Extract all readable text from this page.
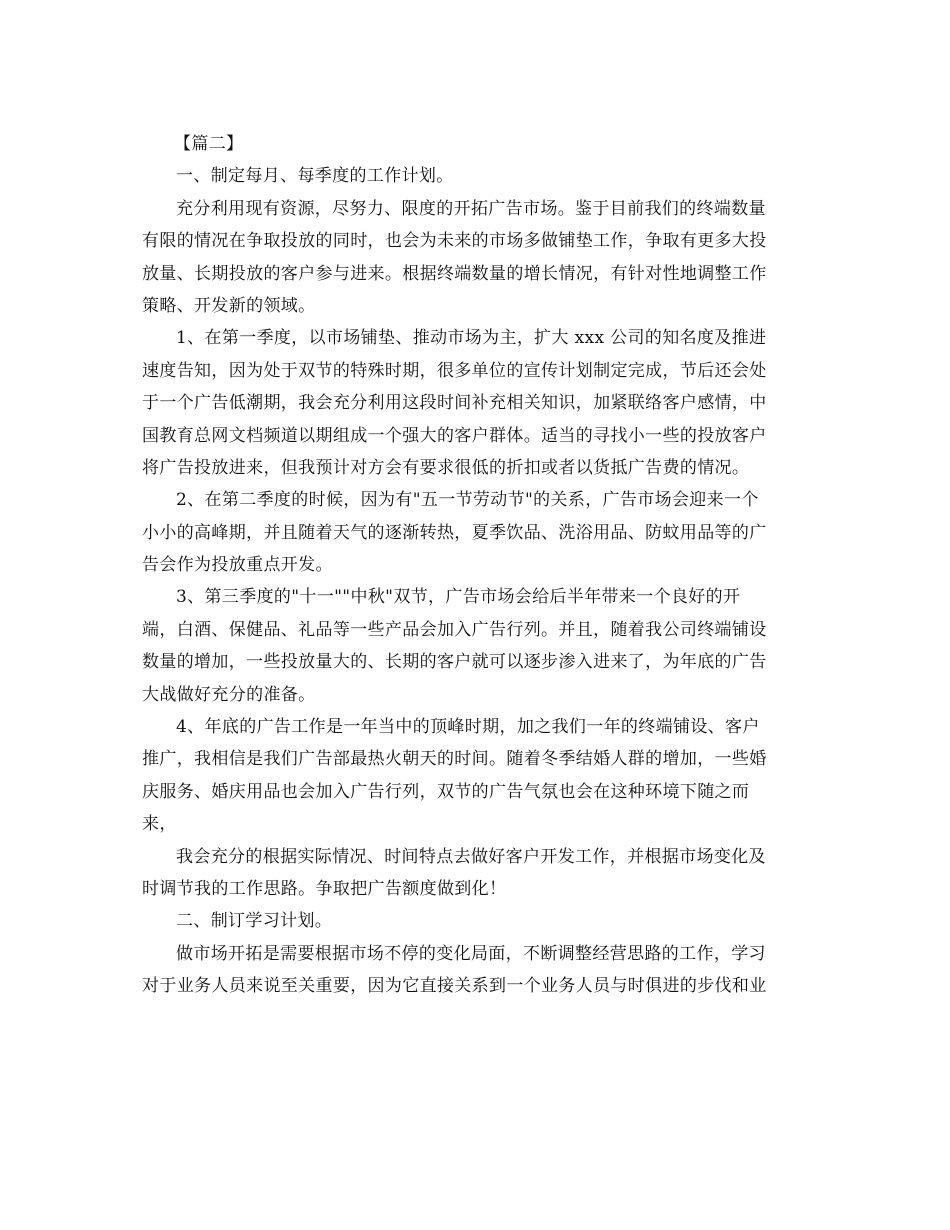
【篇二】
一、制定每月、每季度的工作计划。
充分利用现有资源，尽努力、限度的开拓广告市场。鉴于目前我们的终端数量
有限的情况在争取投放的同时，也会为未来的市场多做铺垫工作，争取有更多大投
放量、长期投放的客户参与进来。根据终端数量的增长情况，有针对性地调整工作
策略、开发新的领域。
1、在第一季度，以市场铺垫、推动市场为主，扩大 xxx 公司的知名度及推进
速度告知，因为处于双节的特殊时期，很多单位的宣传计划制定完成，节后还会处
于一个广告低潮期，我会充分利用这段时间补充相关知识，加紧联络客户感情，中
国教育总网文档频道以期组成一个强大的客户群体。适当的寻找小一些的投放客户
将广告投放进来，但我预计对方会有要求很低的折扣或者以货抵广告费的情况。
2、在第二季度的时候，因为有"五一节劳动节"的关系，广告市场会迎来一个
小小的高峰期，并且随着天气的逐渐转热，夏季饮品、洗浴用品、防蚊用品等的广
告会作为投放重点开发。
3、第三季度的"十一""中秋"双节，广告市场会给后半年带来一个良好的开
端，白酒、保健品、礼品等一些产品会加入广告行列。并且，随着我公司终端铺设
数量的增加，一些投放量大的、长期的客户就可以逐步渗入进来了，为年底的广告
大战做好充分的准备。
4、年底的广告工作是一年当中的顶峰时期，加之我们一年的终端铺设、客户
推广，我相信是我们广告部最热火朝天的时间。随着冬季结婚人群的增加，一些婚
庆服务、婚庆用品也会加入广告行列，双节的广告气氛也会在这种环境下随之而
来，
我会充分的根据实际情况、时间特点去做好客户开发工作，并根据市场变化及
时调节我的工作思路。争取把广告额度做到化！
二、制订学习计划。
做市场开拓是需要根据市场不停的变化局面，不断调整经营思路的工作，学习
对于业务人员来说至关重要，因为它直接关系到一个业务人员与时俱进的步伐和业
